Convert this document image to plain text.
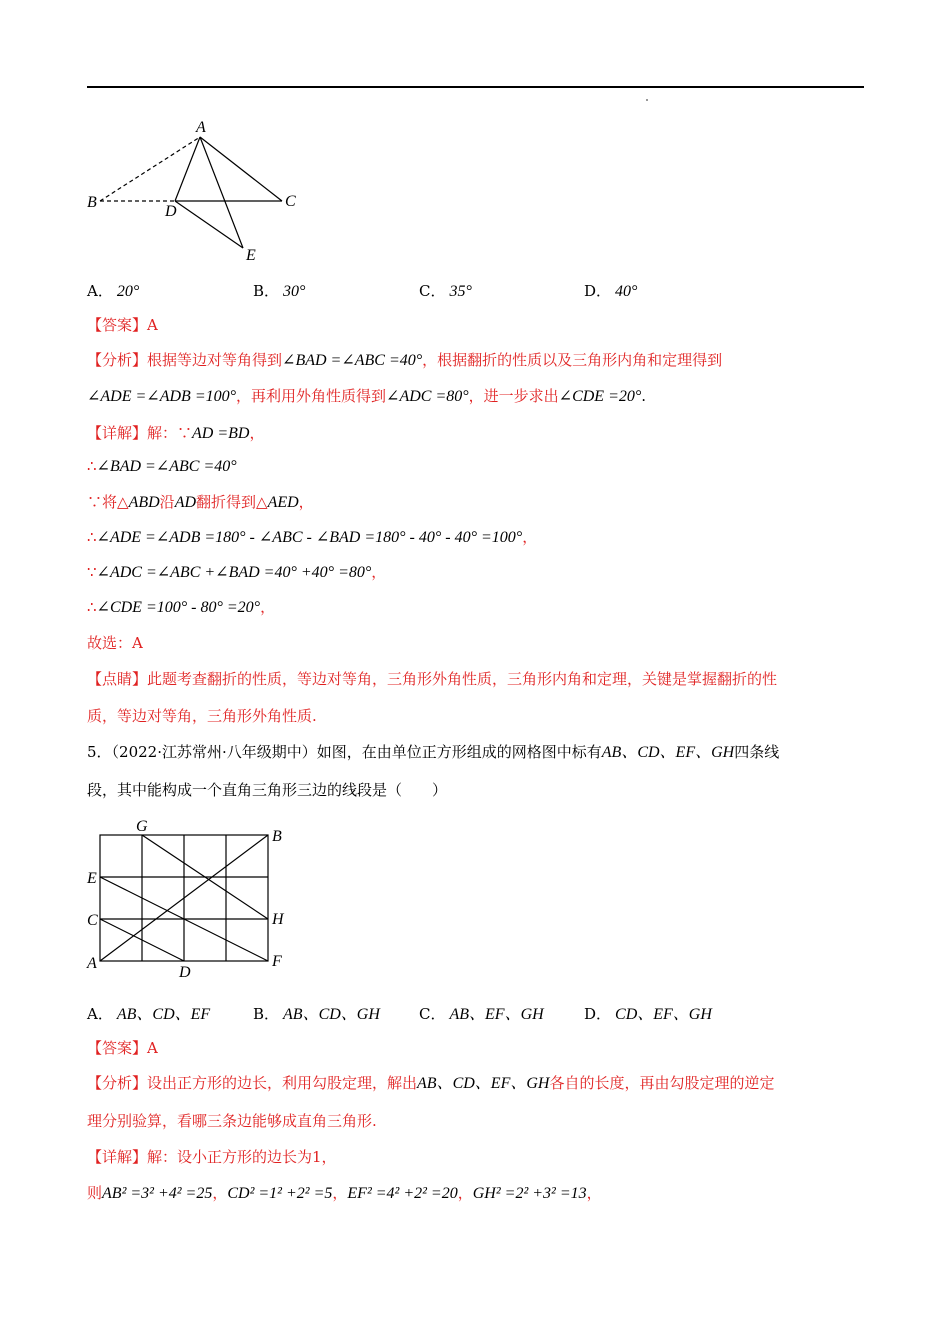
A
B	C
D
E
A． 20°	B． 30°	C． 35°	D． 40°
【答案】A
【分析】根据等边对等角得到∠BAD =∠ABC =40°，根据翻折的性质以及三角形内角和定理得到
∠ADE =∠ADB =100°，再利用外角性质得到∠ADC =80°，进一步求出∠CDE =20°.
【详解】解：∵AD =BD，
∴∠BAD =∠ABC =40°
∵将△ABD沿AD翻折得到△AED，
∴∠ADE =∠ADB =180° - ∠ABC - ∠BAD =180° - 40° - 40° =100°，
∵∠ADC =∠ABC +∠BAD =40° +40° =80°，
∴∠CDE =100° - 80° =20°，
故选：A
【点睛】此题考查翻折的性质，等边对等角，三角形外角性质，三角形内角和定理，关键是掌握翻折的性
质，等边对等角，三角形外角性质.
5．（2022·江苏常州·八年级期中）如图，在由单位正方形组成的网格图中标有AB、CD、EF、GH四条线
段，其中能构成一个直角三角形三边的线段是（　　）
G
B
E
C	H
A
D
F
A． AB、CD、EF	B． AB、CD、GH	C． AB、EF、GH	D． CD、EF、GH
【答案】A
【分析】设出正方形的边长，利用勾股定理，解出AB、CD、EF、GH各自的长度，再由勾股定理的逆定
理分别验算，看哪三条边能够成直角三角形.
【详解】解：设小正方形的边长为1，
则AB² =3² +4² =25，CD² =1² +2² =5，EF² =4² +2² =20，GH² =2² +3² =13，
